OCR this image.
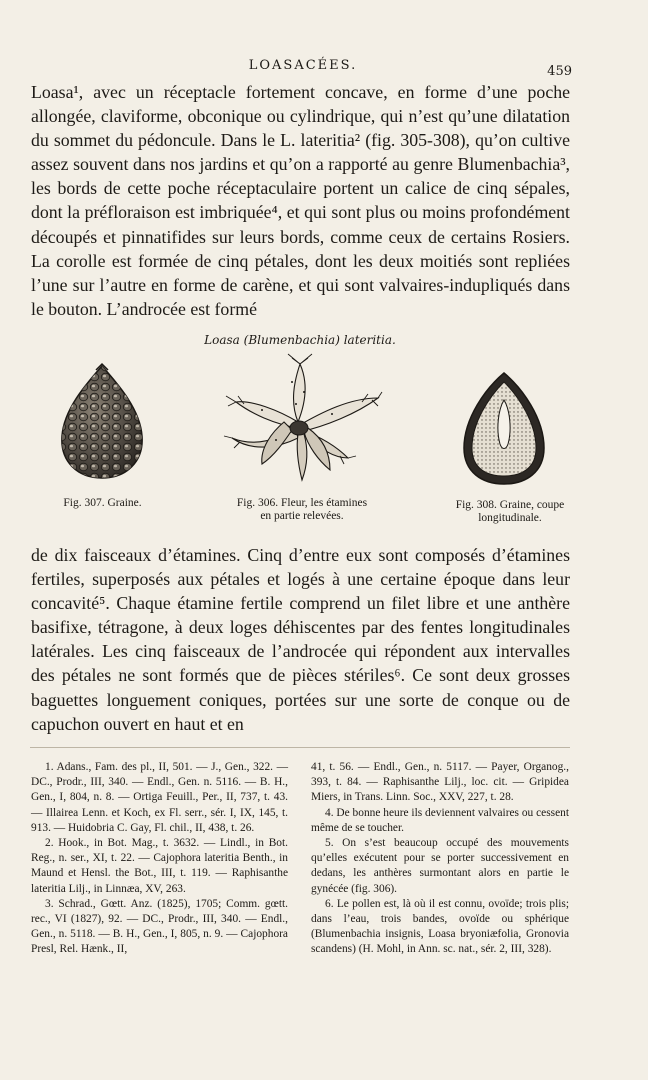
LOASACÉES.	459

Loasa¹, avec un réceptacle fortement concave, en forme d’une poche allongée, claviforme, obconique ou cylindrique, qui n’est qu’une dilatation du sommet du pédoncule. Dans le L. lateritia² (fig. 305-308), qu’on cultive assez souvent dans nos jardins et qu’on a rapporté au genre Blumenbachia³, les bords de cette poche réceptaculaire portent un calice de cinq sépales, dont la préfloraison est imbriquée⁴, et qui sont plus ou moins profondément découpés et pinnatifides sur leurs bords, comme ceux de certains Rosiers. La corolle est formée de cinq pétales, dont les deux moitiés sont repliées l’une sur l’autre en forme de carène, et qui sont valvaires-indupliqués dans le bouton. L’androcée est formé

Loasa (Blumenbachia) lateritia.
Fig. 307. Graine.	Fig. 306. Fleur, les étamines
en partie relevées.
Fig. 308. Graine, coupe
longitudinale.

de dix faisceaux d’étamines. Cinq d’entre eux sont composés d’étamines fertiles, superposés aux pétales et logés à une certaine époque dans leur concavité⁵. Chaque étamine fertile comprend un filet libre et une anthère basifixe, tétragone, à deux loges déhiscentes par des fentes longitudinales latérales. Les cinq faisceaux de l’androcée qui répondent aux intervalles des pétales ne sont formés que de pièces stériles⁶. Ce sont deux grosses baguettes longuement coniques, portées sur une sorte de conque ou de capuchon ouvert en haut et en

1. Adans., Fam. des pl., II, 501. — J., Gen., 322. — DC., Prodr., III, 340. — Endl., Gen. n. 5116. — B. H., Gen., I, 804, n. 8. — Ortiga Feuill., Per., II, 737, t. 43. — Illairea Lenn. et Koch, ex Fl. serr., sér. I, IX, 145, t. 913. — Huidobria C. Gay, Fl. chil., II, 438, t. 26.

2. Hook., in Bot. Mag., t. 3632. — Lindl., in Bot. Reg., n. ser., XI, t. 22. — Cajophora lateritia Benth., in Maund et Hensl. the Bot., III, t. 119. — Raphisanthe lateritia Lilj., in Linnæa, XV, 263.

3. Schrad., Gœtt. Anz. (1825), 1705; Comm. gœtt. rec., VI (1827), 92. — DC., Prodr., III, 340. — Endl., Gen., n. 5118. — B. H., Gen., I, 805, n. 9. — Cajophora Presl, Rel. Hænk., II,

41, t. 56. — Endl., Gen., n. 5117. — Payer, Organog., 393, t. 84. — Raphisanthe Lilj., loc. cit. — Gripidea Miers, in Trans. Linn. Soc., XXV, 227, t. 28.

4. De bonne heure ils deviennent valvaires ou cessent même de se toucher.

5. On s’est beaucoup occupé des mouvements qu’elles exécutent pour se porter successivement en dedans, les anthères surmontant alors en partie le gynécée (fig. 306).

6. Le pollen est, là où il est connu, ovoïde; trois plis; dans l’eau, trois bandes, ovoïde ou sphérique (Blumenbachia insignis, Loasa bryoniæfolia, Gronovia scandens) (H. Mohl, in Ann. sc. nat., sér. 2, III, 328).
